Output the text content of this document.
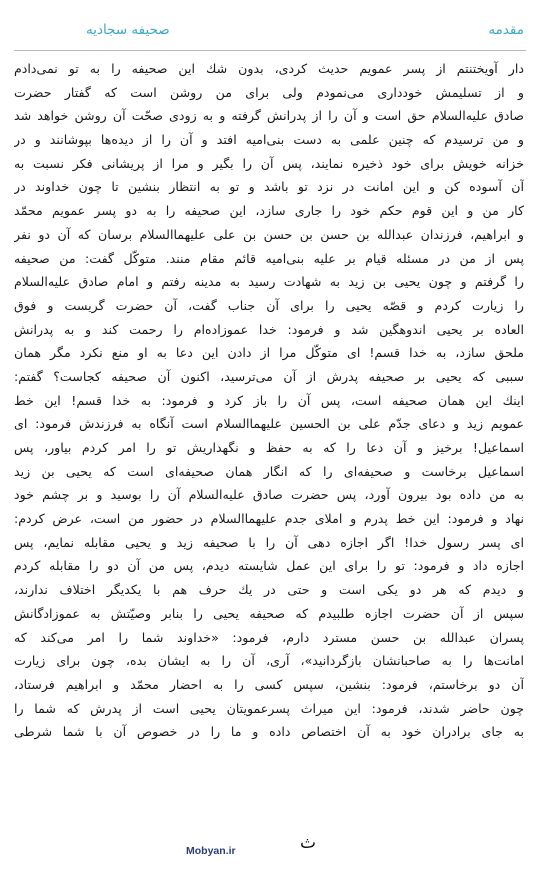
مقدمه
صحیفه سجادیه
دار آویختنتم از پسر عمویم حدیث کردی، بدون شك این صحیفه را به تو نمی‌دادم
و از تسلیمش خودداری می‌نمودم ولی برای من روشن است که گفتار حضرت
صادق علیه‌السلام حق است و آن را از پدرانش گرفته و به زودی صحّت آن روشن خواهد شد
و من ترسیدم که چنین علمی به دست بنی‌امیه افتد و آن را از دیده‌ها بپوشانند و در
خزانه خویش برای خود ذخیره نمایند، پس آن را بگیر و مرا از پریشانی فکر نسبت به
آن آسوده کن و این امانت در نزد تو باشد و تو به انتظار بنشین تا چون خداوند در
کار من و این قوم حکم خود را جاری سازد، این صحیفه را به دو پسر عمویم محمّد
و ابراهیم، فرزندان عبدالله بن حسن بن حسن بن علی علیهما‌السلام برسان که آن دو نفر
پس از من در مسئله قیام بر علیه بنی‌امیه قائم مقام منند. متوکّل گفت: من صحیفه
را گرفتم و چون یحیی بن زید به شهادت رسید به مدینه رفتم و امام صادق علیه‌السلام
را زیارت کردم و قصّه یحیی را برای آن جناب گفت، آن حضرت گریست و فوق
العاده بر یحیی اندوهگین شد و فرمود: خدا عموزاده‌ام را رحمت کند و به پدرانش
ملحق سازد، به خدا قسم! ای متوکّل مرا از دادن این دعا به او منع نکرد مگر همان
سببی که یحیی بر صحیفه پدرش از آن می‌ترسید، اکنون آن صحیفه کجاست؟ گفتم:
اینك این همان صحیفه است، پس آن را باز کرد و فرمود: به خدا قسم! این خط
عمویم زید و دعای جدّم علی بن الحسین علیهما‌السلام است آنگاه به فرزندش فرمود: ای
اسماعیل! برخیز و آن دعا را که به حفظ و نگهداریش تو را امر کردم بیاور، پس
اسماعیل برخاست و صحیفه‌ای را که انگار همان صحیفه‌ای است که یحیی بن زید
به من داده بود بیرون آورد، پس حضرت صادق علیه‌السلام آن را بوسید و بر چشم خود
نهاد و فرمود: این خط پدرم و املای جدم علیهما‌السلام در حضور من است، عرض کردم:
ای پسر رسول خدا! اگر اجازه دهی آن را با صحیفه زید و یحیی مقابله نمایم، پس
اجازه داد و فرمود: تو را برای این عمل شایسته دیدم، پس من آن دو را مقابله کردم
و دیدم که هر دو یکی است و حتی در یك حرف هم با یکدیگر اختلاف ندارند،
سپس از آن حضرت اجازه طلبیدم که صحیفه یحیی را بنابر وصیّتش به عموزادگانش
پسران عبدالله بن حسن مسترد دارم، فرمود: «خداوند شما را امر می‌کند که
امانت‌ها را به صاحبانشان بازگردانید»، آری، آن را به ایشان بده، چون برای زیارت
آن دو برخاستم، فرمود: بنشین، سپس کسی را به احضار محمّد و ابراهیم فرستاد،
چون حاضر شدند، فرمود: این میراث پسرعمویتان یحیی است از پدرش که شما را
به جای برادران خود به آن اختصاص داده و ما را در خصوص آن با شما شرطی
Mobyan.ir	ث
